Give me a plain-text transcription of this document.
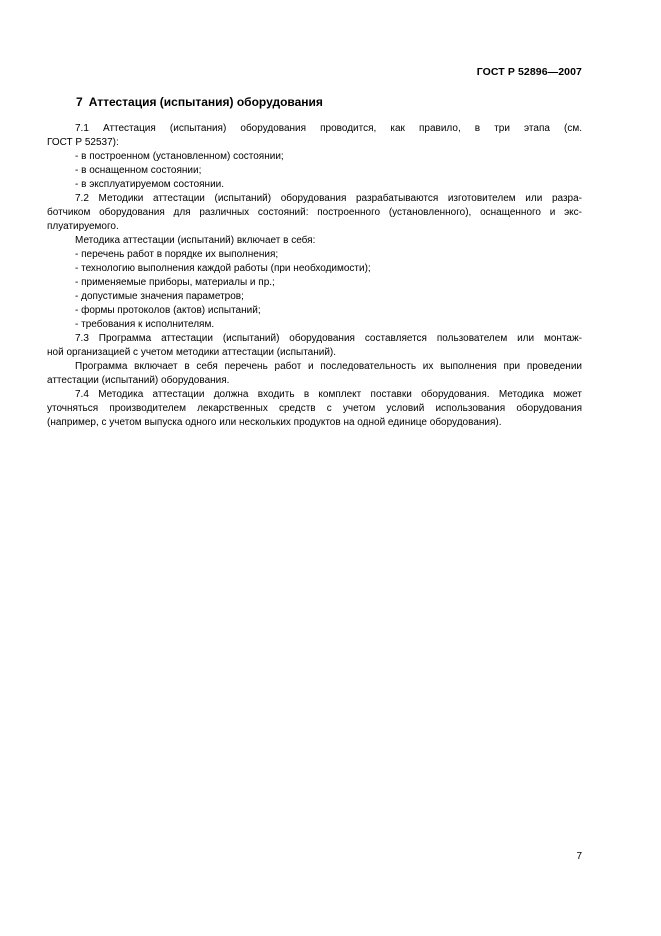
ГОСТ Р 52896—2007
7 Аттестация (испытания) оборудования
7.1 Аттестация (испытания) оборудования проводится, как правило, в три этапа (см.
ГОСТ Р 52537):
- в построенном (установленном) состоянии;
- в оснащенном состоянии;
- в эксплуатируемом состоянии.
7.2 Методики аттестации (испытаний) оборудования разрабатываются изготовителем или разра-
ботчиком оборудования для различных состояний: построенного (установленного), оснащенного и экс-
плуатируемого.
Методика аттестации (испытаний) включает в себя:
- перечень работ в порядке их выполнения;
- технологию выполнения каждой работы (при необходимости);
- применяемые приборы, материалы и пр.;
- допустимые значения параметров;
- формы протоколов (актов) испытаний;
- требования к исполнителям.
7.3 Программа аттестации (испытаний) оборудования составляется пользователем или монтаж-
ной организацией с учетом методики аттестации (испытаний).
Программа включает в себя перечень работ и последовательность их выполнения при проведении
аттестации (испытаний) оборудования.
7.4 Методика аттестации должна входить в комплект поставки оборудования. Методика может
уточняться производителем лекарственных средств с учетом условий использования оборудования
(например, с учетом выпуска одного или нескольких продуктов на одной единице оборудования).
7
